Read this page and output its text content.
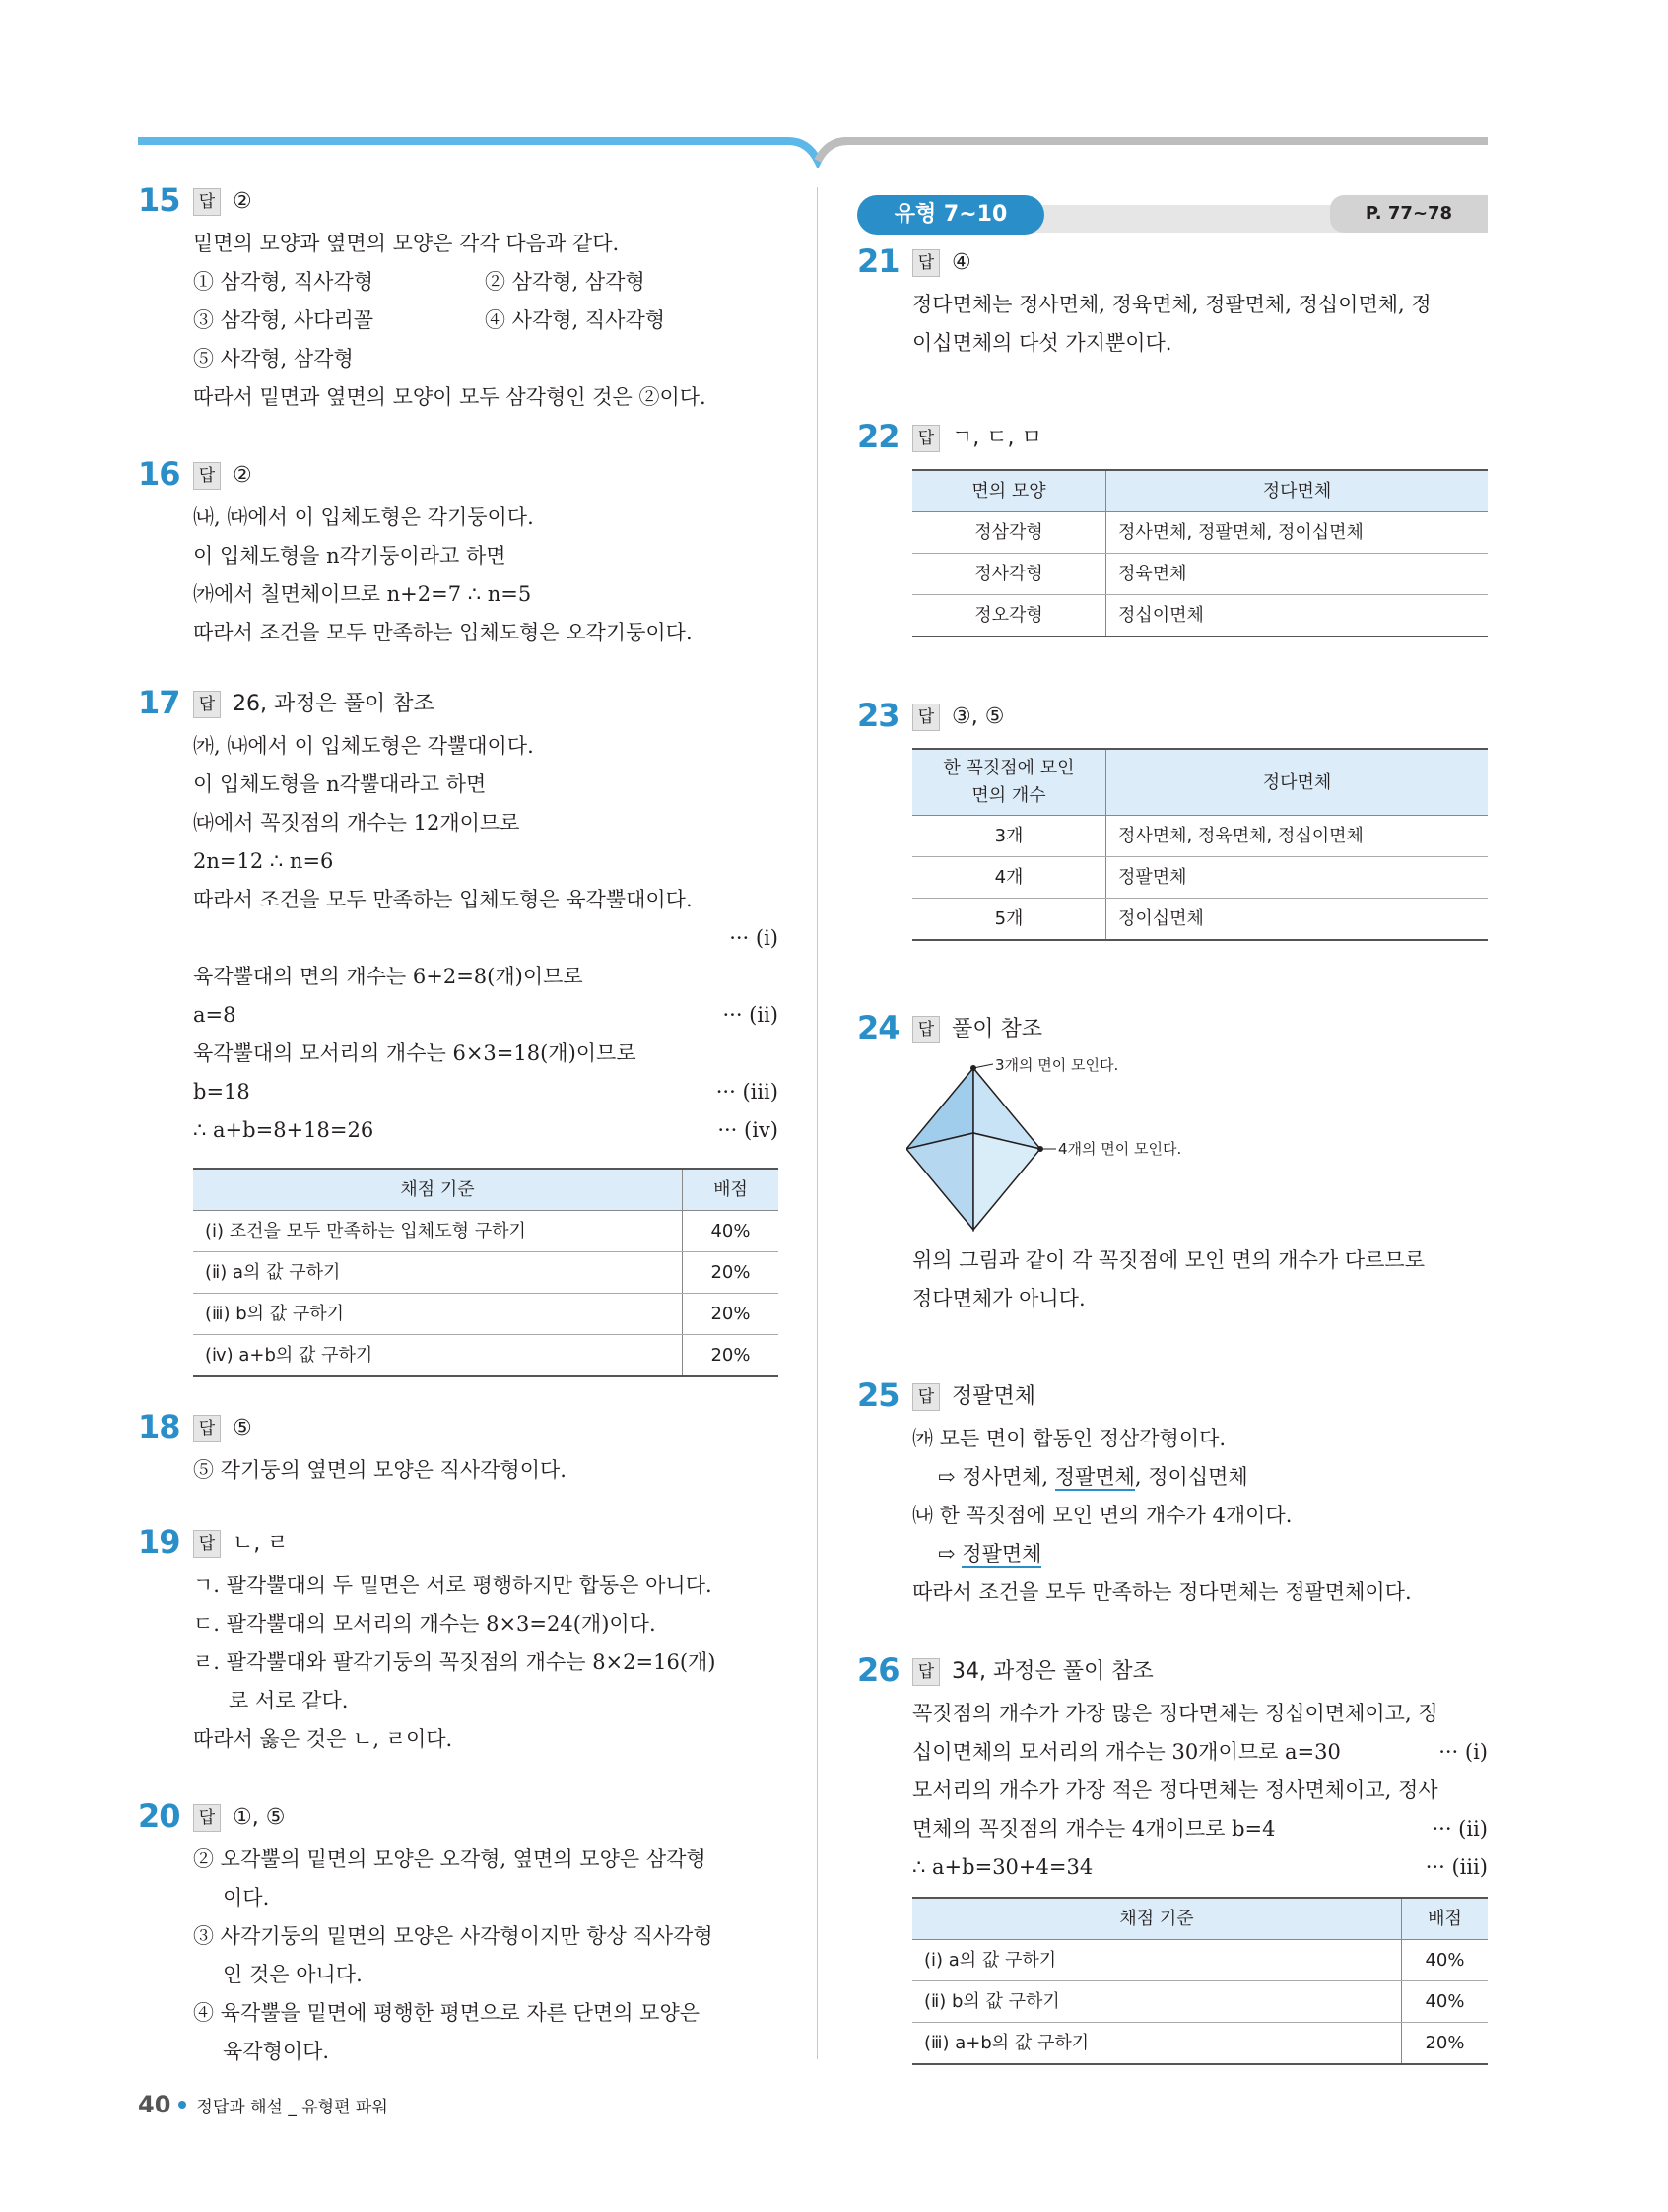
15	답 ②

밑면의 모양과 옆면의 모양은 각각 다음과 같다.

① 삼각형, 직사각형	② 삼각형, 삼각형

③ 삼각형, 사다리꼴	④ 사각형, 직사각형

⑤ 사각형, 삼각형

따라서 밑면과 옆면의 모양이 모두 삼각형인 것은 ②이다.

16	답 ②

㈏, ㈐에서 이 입체도형은 각기둥이다.

이 입체도형을 n각기둥이라고 하면

㈎에서 칠면체이므로 n+2=7 ∴ n=5

따라서 조건을 모두 만족하는 입체도형은 오각기둥이다.

17	답 26, 과정은 풀이 참조

㈎, ㈏에서 이 입체도형은 각뿔대이다.

이 입체도형을 n각뿔대라고 하면

㈐에서 꼭짓점의 개수는 12개이므로

2n=12 ∴ n=6

따라서 조건을 모두 만족하는 입체도형은 육각뿔대이다.

··· (ⅰ)

육각뿔대의 면의 개수는 6+2=8(개)이므로

a=8	··· (ⅱ)

육각뿔대의 모서리의 개수는 6×3=18(개)이므로

b=18	··· (ⅲ)

∴ a+b=8+18=26	··· (ⅳ)

채점 기준	배점
(ⅰ) 조건을 모두 만족하는 입체도형 구하기	40%
(ⅱ) a의 값 구하기	20%
(ⅲ) b의 값 구하기	20%
(ⅳ) a+b의 값 구하기	20%
18	답 ⑤

⑤ 각기둥의 옆면의 모양은 직사각형이다.

19	답 ㄴ, ㄹ

ㄱ. 팔각뿔대의 두 밑면은 서로 평행하지만 합동은 아니다.

ㄷ. 팔각뿔대의 모서리의 개수는 8×3=24(개)이다.

ㄹ. 팔각뿔대와 팔각기둥의 꼭짓점의 개수는 8×2=16(개)

로 서로 같다.

따라서 옳은 것은 ㄴ, ㄹ이다.

20	답 ①, ⑤

② 오각뿔의 밑면의 모양은 오각형, 옆면의 모양은 삼각형

이다.

③ 사각기둥의 밑면의 모양은 사각형이지만 항상 직사각형

인 것은 아니다.

④ 육각뿔을 밑면에 평행한 평면으로 자른 단면의 모양은

육각형이다.

유형 7~10	P. 77~78
21	답 ④

정다면체는 정사면체, 정육면체, 정팔면체, 정십이면체, 정

이십면체의 다섯 가지뿐이다.

22	답 ㄱ, ㄷ, ㅁ
면의 모양	정다면체
정삼각형	정사면체, 정팔면체, 정이십면체
정사각형	정육면체
정오각형	정십이면체
23	답 ③, ⑤
한 꼭짓점에 모인
면의 개수	정다면체
3개	정사면체, 정육면체, 정십이면체
4개	정팔면체
5개	정이십면체
24	답 풀이 참조
3개의 면이 모인다.
4개의 면이 모인다.

위의 그림과 같이 각 꼭짓점에 모인 면의 개수가 다르므로

정다면체가 아니다.

25	답 정팔면체

㈎ 모든 면이 합동인 정삼각형이다.

⇨ 정사면체, 정팔면체, 정이십면체

㈏ 한 꼭짓점에 모인 면의 개수가 4개이다.

⇨ 정팔면체

따라서 조건을 모두 만족하는 정다면체는 정팔면체이다.

26	답 34, 과정은 풀이 참조

꼭짓점의 개수가 가장 많은 정다면체는 정십이면체이고, 정

십이면체의 모서리의 개수는 30개이므로 a=30	··· (ⅰ)

모서리의 개수가 가장 적은 정다면체는 정사면체이고, 정사

면체의 꼭짓점의 개수는 4개이므로 b=4	··· (ⅱ)

∴ a+b=30+4=34	··· (ⅲ)

채점 기준	배점
(ⅰ) a의 값 구하기	40%
(ⅱ) b의 값 구하기	40%
(ⅲ) a+b의 값 구하기	20%
40 정답과 해설 _ 유형편 파워
